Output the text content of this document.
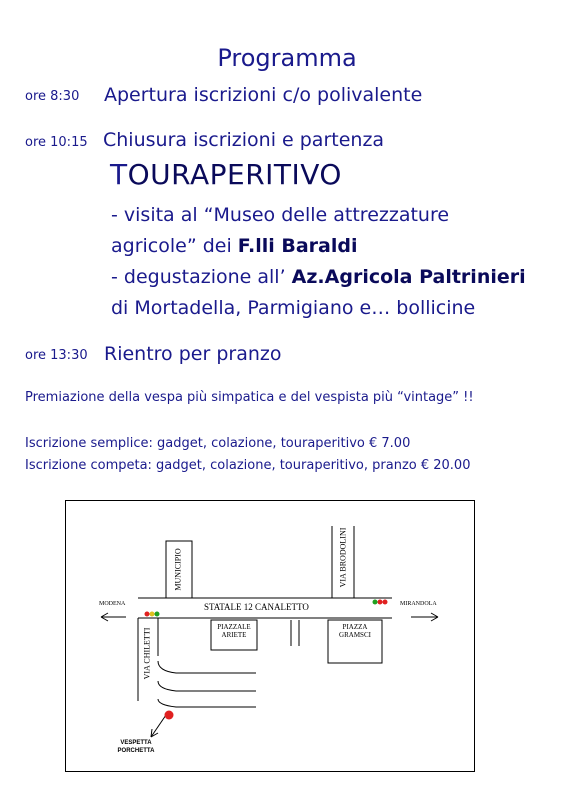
Programma
ore 8:30 Apertura iscrizioni c/o polivalente
ore 10:15 Chiusura iscrizioni e partenza
TOURAPERITIVO
- visita al “Museo delle attrezzature
agricole” dei F.lli Baraldi
- degustazione all’ Az.Agricola Paltrinieri
di Mortadella, Parmigiano e… bollicine
ore 13:30 Rientro per pranzo
Premiazione della vespa più simpatica e del vespista più “vintage” !!
Iscrizione semplice: gadget, colazione, touraperitivo € 7.00
Iscrizione competa: gadget, colazione, touraperitivo, pranzo € 20.00
STATALE 12 CANALETTO
MUNICIPIO	VIA BRODOLINI
VIA CHILETTI
PIAZZALE ARIETE
PIAZZA GRAMSCI
MODENA	MIRANDOLA
VESPETTA PORCHETTA
